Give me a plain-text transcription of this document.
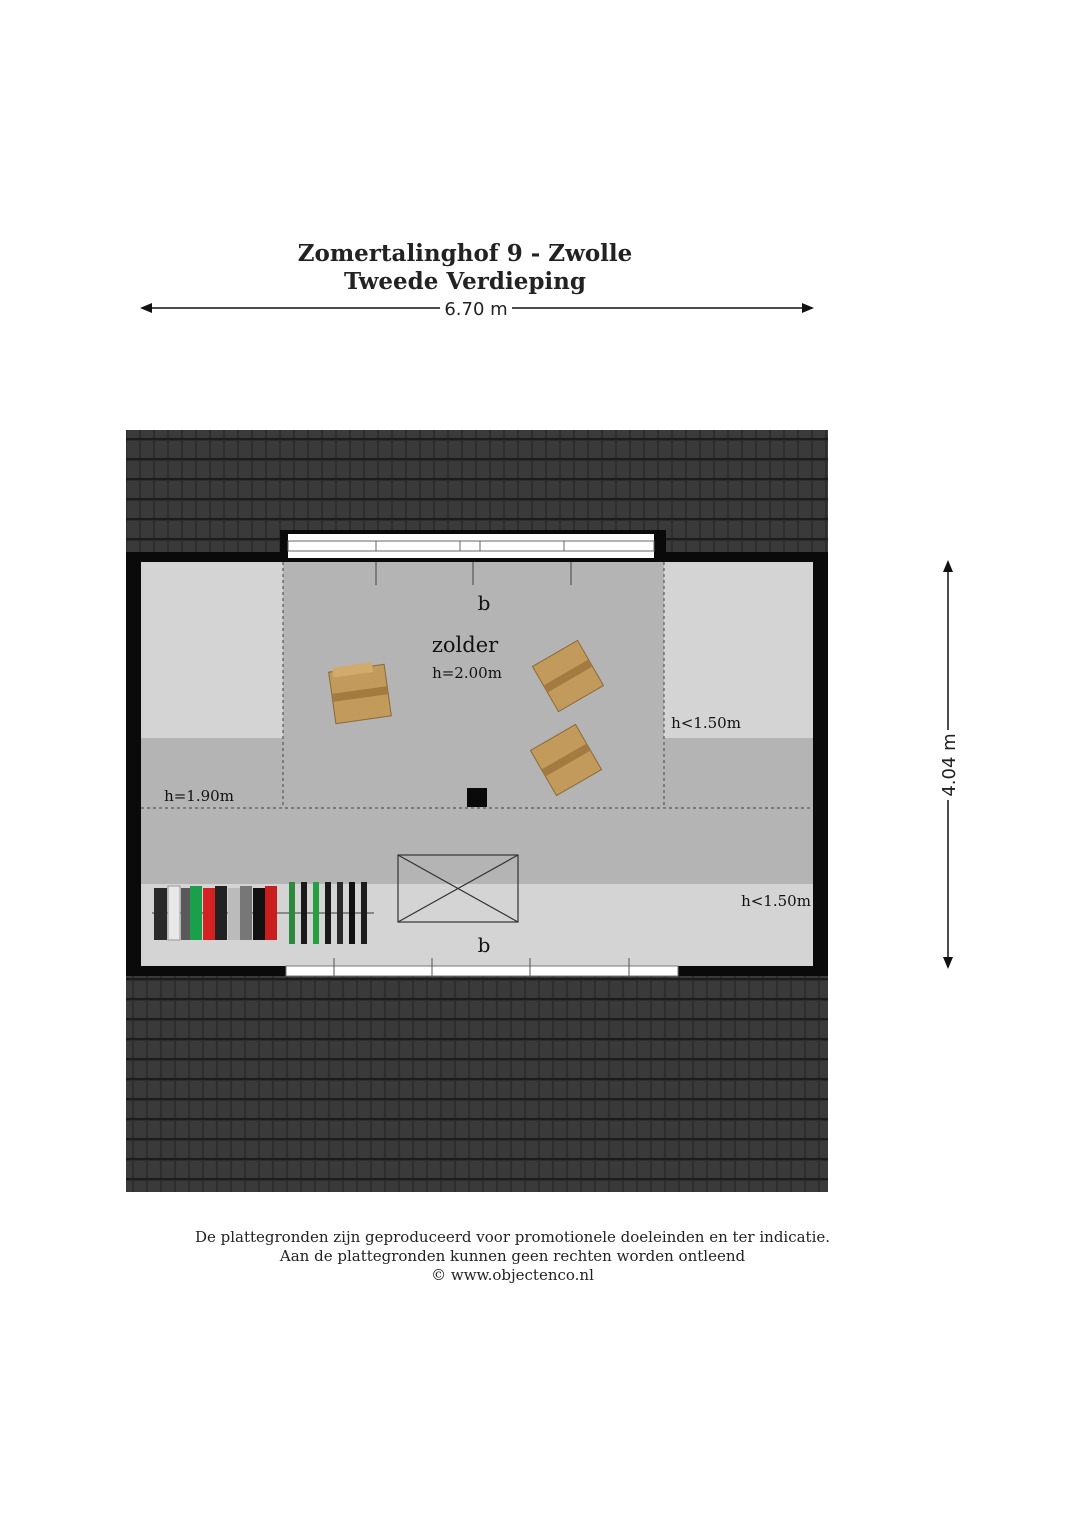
Zomertalinghof 9 - Zwolle
Tweede Verdieping
6.70 m
4.04 m
b
zolder
h=2.00m
h=1.90m
h<1.50m
h<1.50m
b
De plattegronden zijn geproduceerd voor promotionele doeleinden en ter indicatie.
Aan de plattegronden kunnen geen rechten worden ontleend
© www.objectenco.nl
